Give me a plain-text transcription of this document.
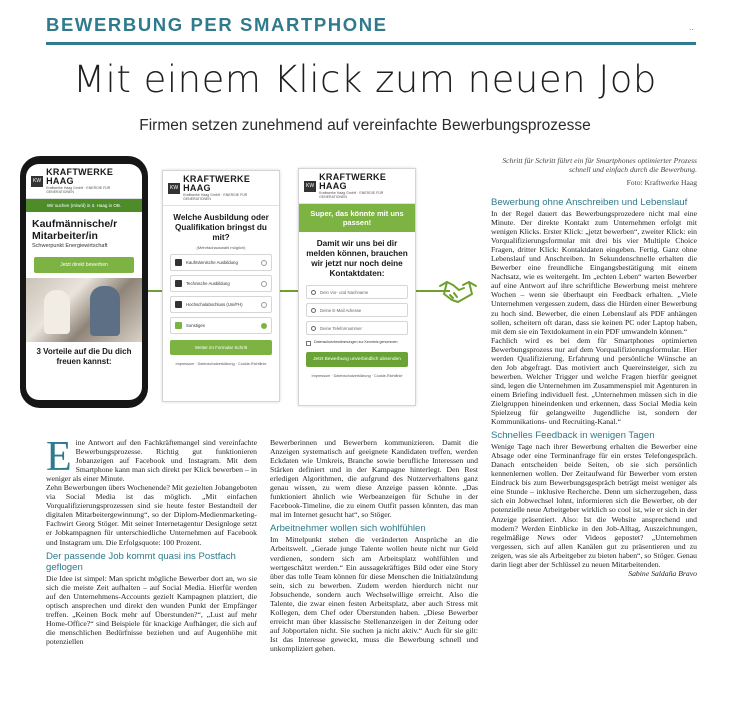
BEWERBUNG PER SMARTPHONE	..
Mit einem Klick zum neuen Job
Firmen setzen zunehmend auf vereinfachte Bewerbungsprozesse
KW
KRAFTWERKE HAAG
Kraftwerke Haag GmbH · ENERGIE FÜR GENERATIONEN
Wir suchen (m/w/d) in 3. Haag in OB.
Kaufmännische/r Mitarbeiter/in
Schwerpunkt Energiewirtschaft
Jetzt direkt bewerben
3 Vorteile auf die Du dich freuen kannst:
KW
KRAFTWERKE HAAG
Kraftwerke Haag GmbH · ENERGIE FÜR GENERATIONEN
Welche Ausbildung oder Qualifikation bringst du mit?
(Mehrfachauswahl möglich)
Kaufmännische Ausbildung
Technische Ausbildung
Hochschulabschluss (Uni/FH)
Sonstiges
Weiter im Formular Schritt
Impressum · Datenschutzerklärung · Cookie-Richtlinie
KW
KRAFTWERKE HAAG
Kraftwerke Haag GmbH · ENERGIE FÜR GENERATIONEN
Super, das könnte mit uns passen!
Damit wir uns bei dir melden können, brauchen wir jetzt nur noch deine Kontaktdaten:
Dein Vor- und Nachname
Deine E-Mail Adresse
Deine Telefonnummer
Datenschutzbestimmungen zur Kenntnis genommen
Jetzt Bewerbung unverbindlich absenden
Impressum · Datenschutzerklärung · Cookie-Richtlinie
Schritt für Schritt führt ein für Smartphones optimierter Prozess schnell und einfach durch die Bewerbung.
Foto: Kraftwerke Haag

Eine Antwort auf den Fachkräftemangel sind vereinfachte Bewerbungsprozesse. Richtig gut funktionieren Jobanzeigen auf Facebook und Instagram. Mit dem Smartphone kann man sich direkt per Klick bewerben – in weniger als einer Minute.

Zehn Bewerbungen übers Wochenende? Mit gezielten Jobangeboten via Social Media ist das möglich. „Mit einfachen Vorqualifizierungsprozessen sind sie heute fester Bestandteil der digitalen Mitarbeitergewinnung“, so der Diplom-Medienmarketing-Fachwirt Georg Stöger. Mit seiner Internetagentur Designloge setzt er Jobkampagnen für unterschiedliche Unternehmen auf Facebook und Instagram um. Die Erfolgsquote: 100 Prozent.

Der passende Job kommt quasi ins Postfach geflogen

Die Idee ist simpel: Man spricht mögliche Bewerber dort an, wo sie sich die meiste Zeit aufhalten – auf Social Media. Hierfür werden auf den Unternehmens-Accounts gezielt Kampagnen platziert, die optisch ansprechen und direkt den wunden Punkt der Empfänger treffen. „Keinen Bock mehr auf Überstunden?“, „Lust auf mehr Home-Office?“ sind Beispiele für knackige Aufhänger, die sich auf die menschlichen Bedürfnisse beziehen und auf Augenhöhe mit potenziellen

Bewerberinnen und Bewerbern kommunizieren. Damit die Anzeigen systematisch auf geeignete Kandidaten treffen, werden Eckdaten wie Umkreis, Branche sowie berufliche Interessen und Stärken definiert und in der Kampagne hinterlegt. Den Rest erledigen Algorithmen, die aufgrund des Nutzerverhaltens ganz genau wissen, zu wem diese Anzeige passen könnte. „Das funktioniert ähnlich wie Werbeanzeigen für Schuhe in der Facebook-Timeline, die zu einem Outfit passen könnten, das man mal im Internet gesucht hat“, so Stöger.

Arbeitnehmer wollen sich wohlfühlen

Im Mittelpunkt stehen die veränderten Ansprüche an die Arbeitswelt. „Gerade junge Talente wollen heute nicht nur Geld verdienen, sondern sich am Arbeitsplatz wohlfühlen und wertgeschätzt werden.“ Ein aussagekräftiges Bild oder eine Story über das tolle Team können für diese Menschen die Initialzündung sein, sich zu bewerben. Zudem werden hierdurch nicht nur Jobsuchende, sondern auch Wechselwillige erreicht. Also die Talente, die zwar einen festen Arbeitsplatz, aber auch Stress mit Kollegen, dem Chef oder Überstunden haben. „Diese Bewerber erreicht man über klassische Stellenanzeigen in der Zeitung oder auf Jobportalen nicht. Sie suchen ja nicht aktiv.“ Auch für sie gilt: Ist das Interesse geweckt, muss die Bewerbung schnell und unkompliziert gehen.

Bewerbung ohne Anschreiben und Lebenslauf

In der Regel dauert das Bewerbungsprozedere nicht mal eine Minute. Der direkte Kontakt zum Unternehmen erfolgt mit wenigen Klicks. Erster Klick: „jetzt bewerben“, zweiter Klick: ein Vorqualifizierungsformular mit drei bis vier Multiple Choice Fragen, dritter Klick: Kontaktdaten eingeben. Fertig. Ganz ohne Lebenslauf und Anschreiben. In Sekundenschnelle erhalten die Bewerber eine freundliche Eingangsbestätigung mit einem Nachsatz, wie es weitergeht. Im „echten Leben“ warten Bewerber auf eine Antwort auf ihre schriftliche Bewerbung meist mehrere Wochen – wenn sie überhaupt ein Feedback erhalten. „Viele Unternehmen vergessen zudem, dass die Hürden einer Bewerbung zu hoch sind. Bewerber, die einen Lebenslauf als PDF anhängen sollen, scheitern oft daran, dass sie keinen PC oder Laptop haben, mit dem sie ein Textdokument in ein PDF umwandeln können.“

Fachlich wird es bei dem für Smartphones optimierten Bewerbungsprozess nur auf dem Vorqualifizierungsformular. Hier werden Qualifizierung, Erfahrung und persönliche Wünsche an den Job abgefragt. Das motiviert auch Quereinsteiger, sich zu bewerben. Welcher Trigger und welche Fragen hierfür geeignet sind, legen die Unternehmen im Zusammenspiel mit Agenturen in einem Briefing individuell fest. „Unternehmen müssen sich in die Zielgruppen hineindenken und erkennen, dass Social Media kein Spielzeug für gelangweilte Jugendliche ist, sondern der Kommunikations- und Recruiting-Kanal.“

Schnelles Feedback in wenigen Tagen

Wenige Tage nach ihrer Bewerbung erhalten die Bewerber eine Absage oder eine Terminanfrage für ein erstes Telefongespräch. Danach entscheiden beide Seiten, ob sie sich persönlich kennenlernen wollen. Der Zeitaufwand für Bewerber vom ersten Eindruck bis zum Bewerbungsgespräch beträgt meist weniger als eine Stunde – inklusive Recherche. Denn um sicherzugehen, dass sich ein Jobwechsel lohnt, informieren sich die Bewerber, ob der potenzielle neue Arbeitgeber wirklich so cool ist, wie er sich in der Anzeige präsentiert. Also: Ist die Website ansprechend und modern? Werden Einblicke in den Job-Alltag, Auszeichnungen, regelmäßige News oder Videos gepostet? „Unternehmen vergessen, sich auf allen Kanälen gut zu präsentieren und zu zeigen, was sie als Arbeitgeber zu bieten haben“, so Stöger. Genau darin liegt aber der Schlüssel zu neuen Mitarbeitenden.

Sabine Saldaña Bravo
